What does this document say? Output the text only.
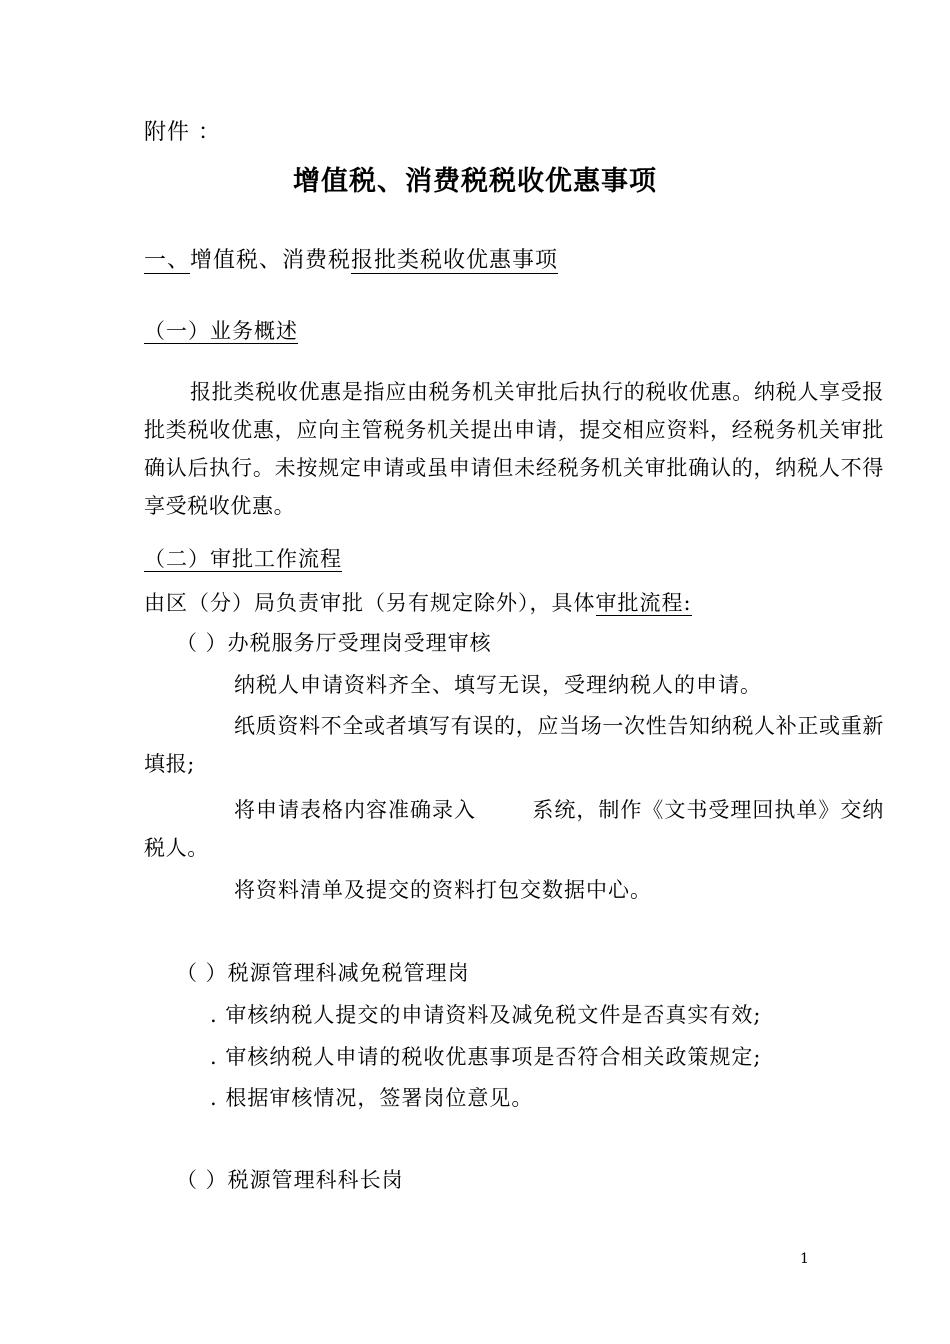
附件 ：
增值税、消费税税收优惠事项
一、增值税、消费税报批类税收优惠事项
（一）业务概述
报批类税收优惠是指应由税务机关审批后执行的税收优惠。纳税人享受报批类税收优惠，应向主管税务机关提出申请，提交相应资料，经税务机关审批确认后执行。未按规定申请或虽申请但未经税务机关审批确认的，纳税人不得享受税收优惠。
（二）审批工作流程
由区（分）局负责审批（另有规定除外），具体审批流程:
（ ）办税服务厅受理岗受理审核
纳税人申请资料齐全、填写无误，受理纳税人的申请。
纸质资料不全或者填写有误的，应当场一次性告知纳税人补正或重新填报;
将申请表格内容准确录入	系统，制作《文书受理回执单》交纳税人。
将资料清单及提交的资料打包交数据中心。
（ ）税源管理科减免税管理岗
. 审核纳税人提交的申请资料及减免税文件是否真实有效;
. 审核纳税人申请的税收优惠事项是否符合相关政策规定;
. 根据审核情况，签署岗位意见。
（ ）税源管理科科长岗
1
